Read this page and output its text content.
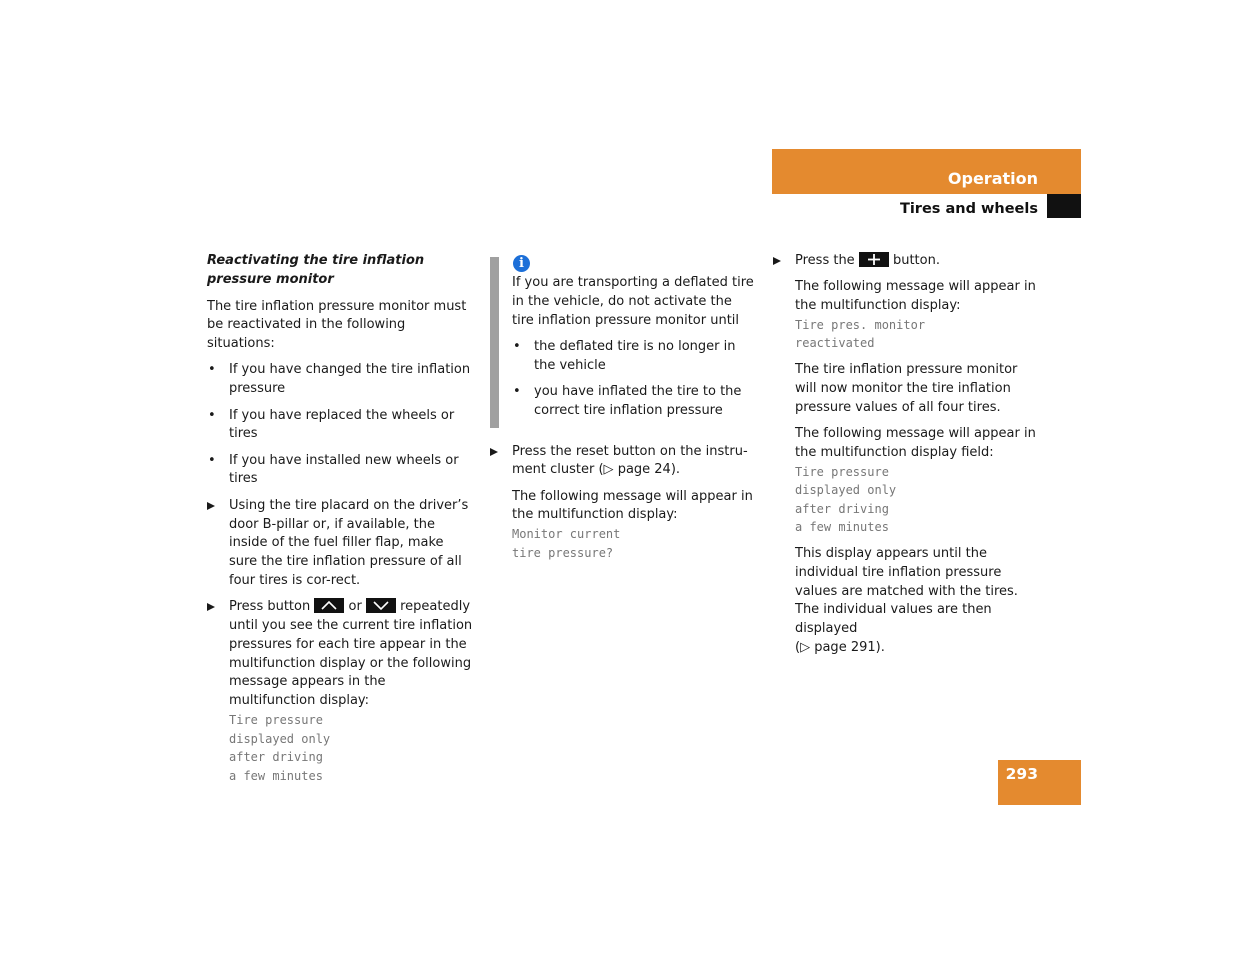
Operation
Tires and wheels

Reactivating the tire inflation pressure monitor

The tire inflation pressure monitor must be reactivated in the following situations:

• If you have changed the tire inflation pressure
• If you have replaced the wheels or tires
• If you have installed new wheels or tires
Using the tire placard on the driver’s door B-pillar or, if available, the inside of the fuel filler flap, make sure the tire inflation pressure of all four tires is cor-rect.
Press button	or	repeatedly until you see the current tire inflation pressures for each tire appear in the multifunction display or the following message appears in the multifunction display:
Tire pressure
displayed only
after driving
a few minutes
i

If you are transporting a deflated tire in the vehicle, do not activate the tire inflation pressure monitor until

• the deflated tire is no longer in the vehicle
• you have inflated the tire to the correct tire inflation pressure
Press the reset button on the instru-ment cluster (▷ page 24).

The following message will appear in the multifunction display:

Monitor current
tire pressure?
Press the	button.

The following message will appear in the multifunction display:

Tire pres. monitor
reactivated

The tire inflation pressure monitor will now monitor the tire inflation pressure values of all four tires.

The following message will appear in the multifunction display field:

Tire pressure
displayed only
after driving
a few minutes

This display appears until the individual tire inflation pressure values are matched with the tires. The individual values are then displayed
(▷ page 291).

293
